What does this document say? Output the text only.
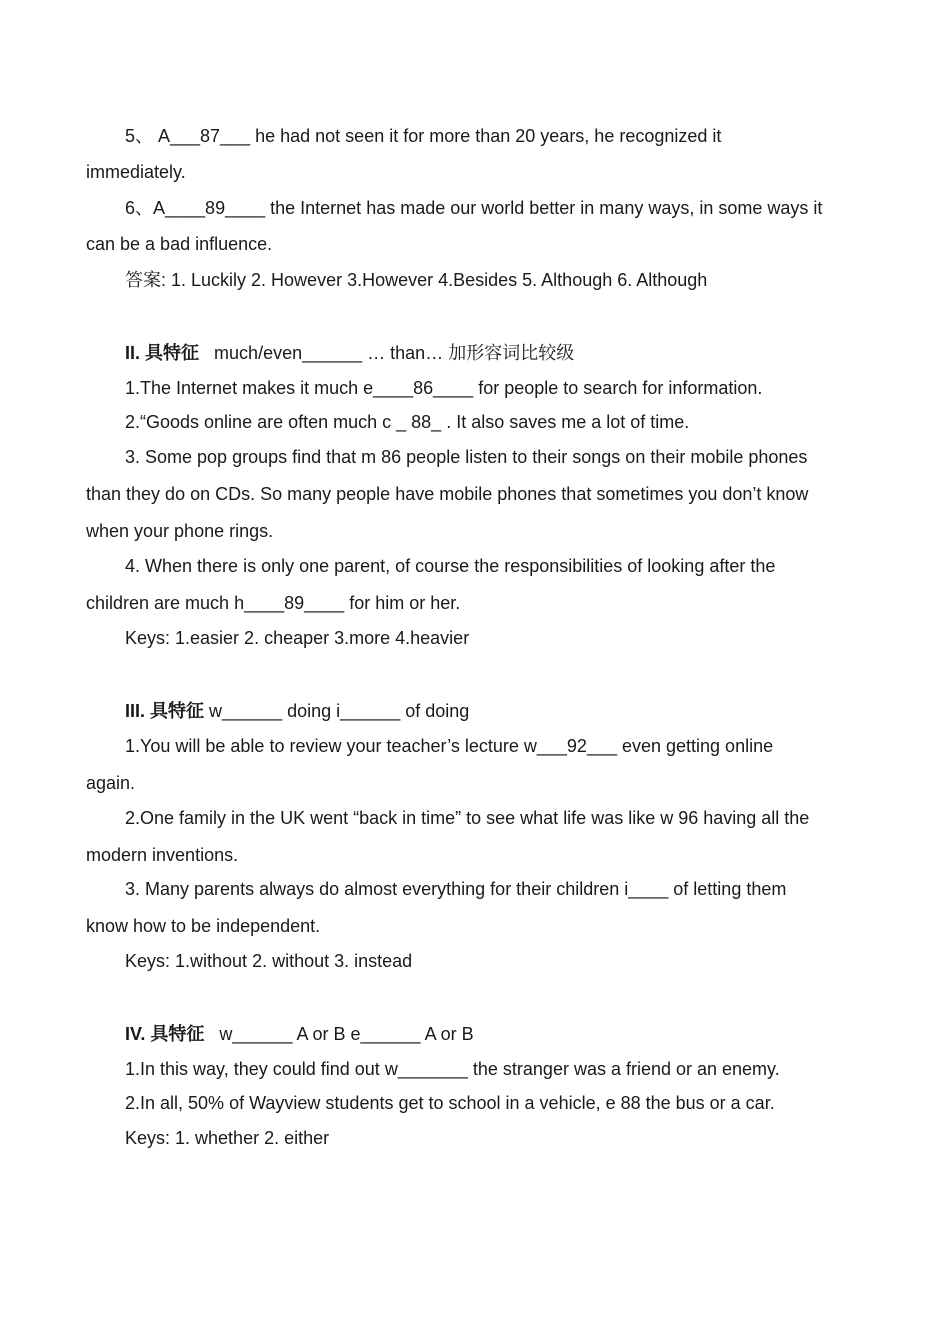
5、 A___87___ he had not seen it for more than 20 years, he recognized it
immediately.
6、A____89____ the Internet has made our world better in many ways, in some ways it
can be a bad influence.
答案: 1. Luckily 2. However 3.However 4.Besides 5. Although 6. Although
II. 具特征 much/even______ … than… 加形容词比较级
1.The Internet makes it much e____86____ for people to search for information.
2.“Goods online are often much c _ 88_ . It also saves me a lot of time.
3. Some pop groups find that m 86 people listen to their songs on their mobile phones
than they do on CDs. So many people have mobile phones that sometimes you don’t know
when your phone rings.
4. When there is only one parent, of course the responsibilities of looking after the
children are much h____89____ for him or her.
Keys: 1.easier 2. cheaper 3.more 4.heavier
III. 具特征 w______ doing i______ of doing
1.You will be able to review your teacher’s lecture w___92___ even getting online
again.
2.One family in the UK went “back in time” to see what life was like w 96 having all the
modern inventions.
3. Many parents always do almost everything for their children i____ of letting them
know how to be independent.
Keys: 1.without 2. without 3. instead
IV. 具特征 w______ A or B e______ A or B
1.In this way, they could find out w_______ the stranger was a friend or an enemy.
2.In all, 50% of Wayview students get to school in a vehicle, e 88 the bus or a car.
Keys: 1. whether 2. either
